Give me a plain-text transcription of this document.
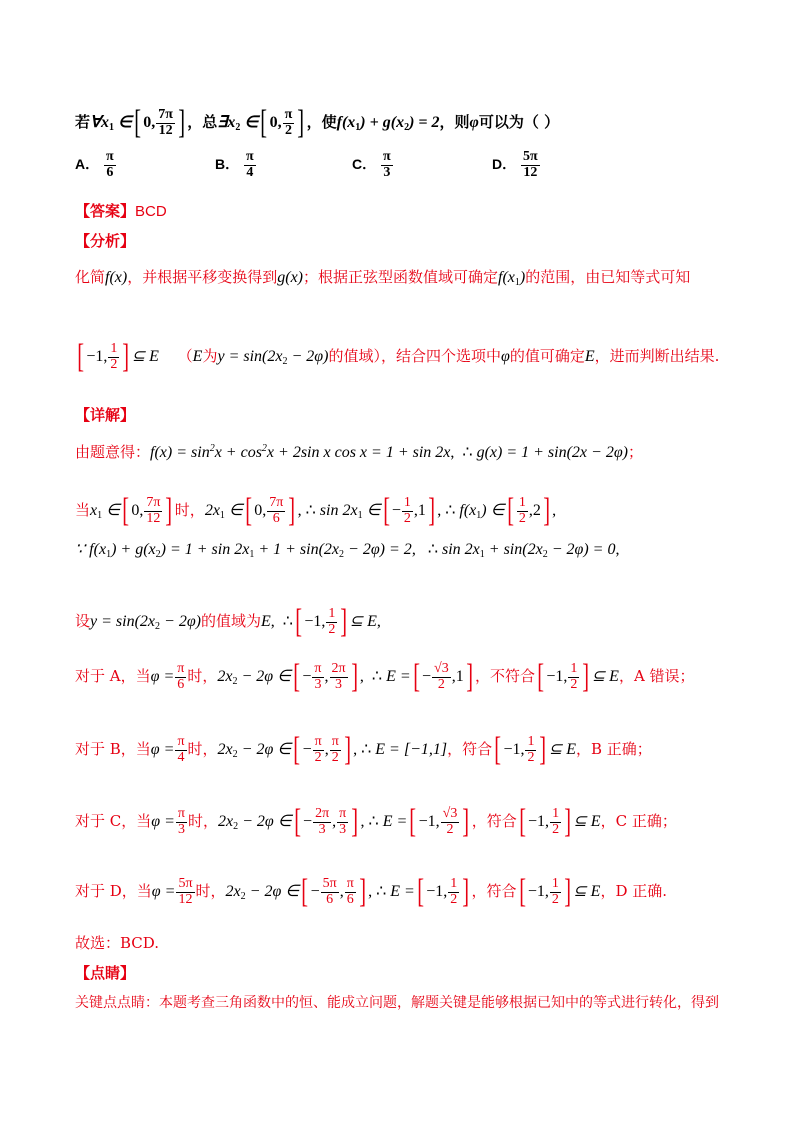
若$\forall x_1$ ∈[ 0, $\frac{7\pi}{12}$ ] ，总$\exists x_2$ ∈[ 0, $\frac{\pi}{2}$ ] ，使$f(x_1) + g(x_2) = 2$，则φ可以为（ ）
A． $\frac{\pi}{6}$	B． $\frac{\pi}{4}$	C． $\frac{\pi}{3}$	D． $\frac{5\pi}{12}$
【答案】BCD
【分析】
化简f(x)，并根据平移变换得到g(x)；根据正弦型函数值域可确定$f(x_1)$的范围，由已知等式可知
[ −1, $\frac{1}{2}$ ] ⊆ E （E为$y = \sin(2x_2 - 2\varphi)$的值域），结合四个选项中φ的值可确定E，进而判断出结果.
【详解】
由题意得：$f(x) = \sin^2x + \cos^2x + 2\sin$ x cos x = 1 + sin 2x,  ∴ g(x) = 1 + sin(2x − 2φ)；
当$x_1$ ∈[ 0, $\frac{7\pi}{12}$ ] 时，$2x_1$ ∈[ 0, $\frac{7\pi}{6}$ ] , ∴ $\sin 2x_1$ ∈[ − $\frac{1}{2} ,1$] , ∴ $f(x_1)$ ∈[ $\frac{1}{2} ,2$] ,
∵ $f(x_1) + g(x_2) = 1 + \sin 2x_1 + 1 + \sin(2x_2 - 2\varphi) = 2$,   ∴ $\sin 2x_1 + \sin(2x_2 - 2\varphi) = 0$,
设$y = \sin(2x_2 - 2\varphi)$的值域为E,  ∴[ −1, $\frac{1}{2}$ ] ⊆ E,
对于 A，当$\varphi = \frac{\pi}{6}$ 时，$2x_2 - 2\varphi$ ∈[ − $\frac{\pi}{3}$ , $\frac{2\pi}{3}$ ] ,  ∴ E =[ − $\frac{√3}{2} ,1$] ，不符合[ −1, $\frac{1}{2}$ ] ⊆ E，A 错误；
对于 B，当$\varphi = \frac{\pi}{4}$ 时，$2x_2 - 2\varphi$ ∈[ − $\frac{\pi}{2}$ , $\frac{\pi}{2}$ ] , ∴ E = [−1,1]，符合[ −1, $\frac{1}{2}$ ] ⊆ E，B 正确；
对于 C，当$\varphi = \frac{\pi}{3}$ 时，$2x_2 - 2\varphi$ ∈[ − $\frac{2\pi}{3}$ , $\frac{\pi}{3}$ ] , ∴ E =[ −1, $\frac{√3}{2}$ ] ，符合[ −1, $\frac{1}{2}$ ] ⊆ E，C 正确；
对于 D，当$\varphi = \frac{5\pi}{12}$ 时，$2x_2 - 2\varphi$ ∈[ − $\frac{5\pi}{6}$ , $\frac{\pi}{6}$ ] , ∴ E =[ −1, $\frac{1}{2}$ ] ，符合[ −1, $\frac{1}{2}$ ] ⊆ E，D 正确.
故选：BCD.
【点睛】
关键点点睛：本题考查三角函数中的恒、能成立问题，解题关键是能够根据已知中的等式进行转化，得到
